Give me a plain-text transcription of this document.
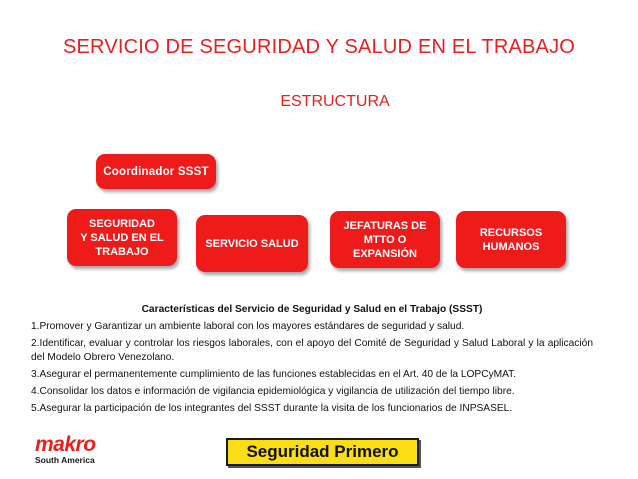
SERVICIO DE SEGURIDAD Y SALUD EN EL TRABAJO
ESTRUCTURA
Coordinador SSST
SEGURIDAD
Y SALUD EN EL
TRABAJO
SERVICIO SALUD
JEFATURAS DE
MTTO O
EXPANSIÓN
RECURSOS
HUMANOS
Características del Servicio de Seguridad y Salud en el Trabajo (SSST)
1.Promover y Garantizar un ambiente laboral con los mayores estándares de seguridad y salud.
2.Identificar, evaluar y controlar los riesgos laborales, con el apoyo del Comité de Seguridad y Salud Laboral y la aplicación del Modelo Obrero Venezolano.
3.Asegurar el permanentemente cumplimiento de las funciones establecidas en el Art. 40 de la LOPCyMAT.
4.Consolidar los datos e información de vigilancia epidemiológica y vigilancia de utilización del tiempo libre.
5.Asegurar la participación de los integrantes del SSST durante la visita de los funcionarios de INPSASEL.
makro
South America	Seguridad Primero
